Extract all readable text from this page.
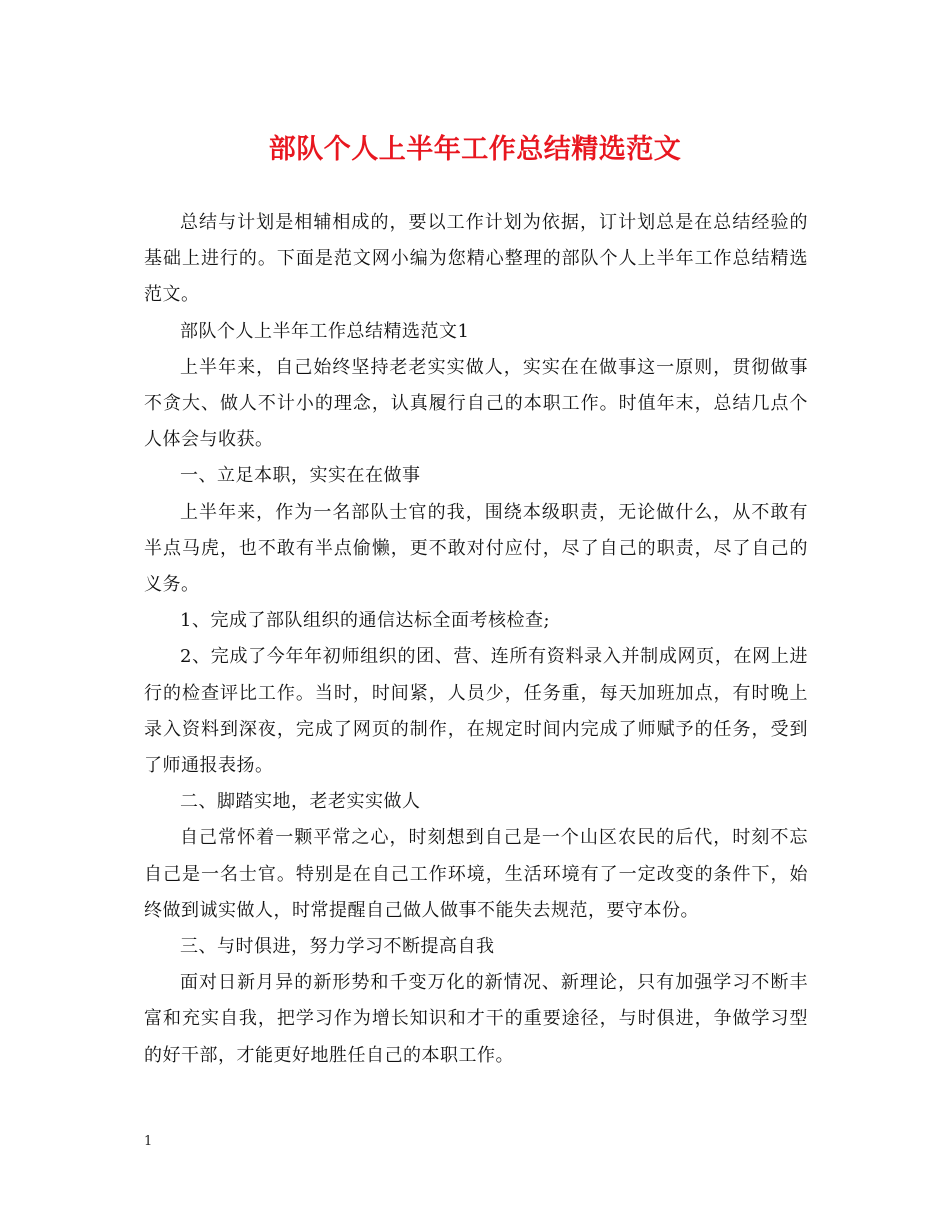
部队个人上半年工作总结精选范文

总结与计划是相辅相成的，要以工作计划为依据，订计划总是在总结经验的基础上进行的。下面是范文网小编为您精心整理的部队个人上半年工作总结精选范文。

部队个人上半年工作总结精选范文1

上半年来，自己始终坚持老老实实做人，实实在在做事这一原则，贯彻做事不贪大、做人不计小的理念，认真履行自己的本职工作。时值年末，总结几点个人体会与收获。

一、立足本职，实实在在做事

上半年来，作为一名部队士官的我，围绕本级职责，无论做什么，从不敢有半点马虎，也不敢有半点偷懒，更不敢对付应付，尽了自己的职责，尽了自己的义务。

1、完成了部队组织的通信达标全面考核检查;

2、完成了今年年初师组织的团、营、连所有资料录入并制成网页，在网上进行的检查评比工作。当时，时间紧，人员少，任务重，每天加班加点，有时晚上录入资料到深夜，完成了网页的制作，在规定时间内完成了师赋予的任务，受到了师通报表扬。

二、脚踏实地，老老实实做人

自己常怀着一颗平常之心，时刻想到自己是一个山区农民的后代，时刻不忘自己是一名士官。特别是在自己工作环境，生活环境有了一定改变的条件下，始终做到诚实做人，时常提醒自己做人做事不能失去规范，要守本份。

三、与时俱进，努力学习不断提高自我

面对日新月异的新形势和千变万化的新情况、新理论，只有加强学习不断丰富和充实自我，把学习作为增长知识和才干的重要途径，与时俱进，争做学习型的好干部，才能更好地胜任自己的本职工作。

1
